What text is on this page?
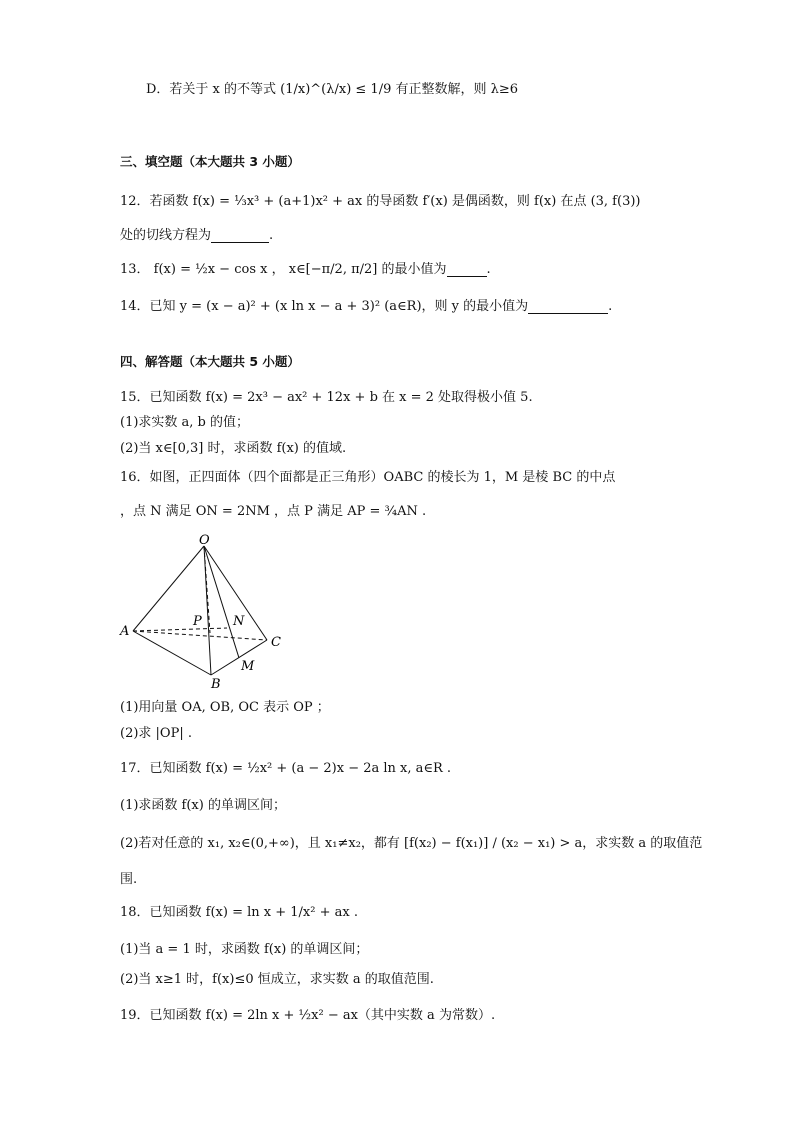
D．若关于 x 的不等式 (1/x)^(λ/x) ≤ 1/9 有正整数解，则 λ≥6
三、填空题（本大题共 3 小题）
12．若函数 f(x) = ⅓x³ + (a+1)x² + ax 的导函数 f′(x) 是偶函数，则 f(x) 在点 (3, f(3))
处的切线方程为	.
13． f(x) = ½x − cos x ， x∈[−π/2, π/2] 的最小值为	.
14．已知 y = (x − a)² + (x ln x − a + 3)² (a∈R)，则 y 的最小值为	.
四、解答题（本大题共 5 小题）
15．已知函数 f(x) = 2x³ − ax² + 12x + b 在 x = 2 处取得极小值 5.
(1)求实数 a, b 的值；
(2)当 x∈[0,3] 时，求函数 f(x) 的值域.
16．如图，正四面体（四个面都是正三角形）OABC 的棱长为 1，M 是棱 BC 的中点
，点 N 满足 ON = 2NM ，点 P 满足 AP = ¾AN .
O
A
B
C
P N
M
(1)用向量 OA, OB, OC 表示 OP ；
(2)求 |OP| .
17．已知函数 f(x) = ½x² + (a − 2)x − 2a ln x, a∈R .
(1)求函数 f(x) 的单调区间；
(2)若对任意的 x₁, x₂∈(0,+∞)，且 x₁≠x₂，都有 [f(x₂) − f(x₁)] / (x₂ − x₁) > a，求实数 a 的取值范
围.
18．已知函数 f(x) = ln x + 1/x² + ax .
(1)当 a = 1 时，求函数 f(x) 的单调区间；
(2)当 x≥1 时，f(x)≤0 恒成立，求实数 a 的取值范围.
19．已知函数 f(x) = 2ln x + ½x² − ax（其中实数 a 为常数）.
